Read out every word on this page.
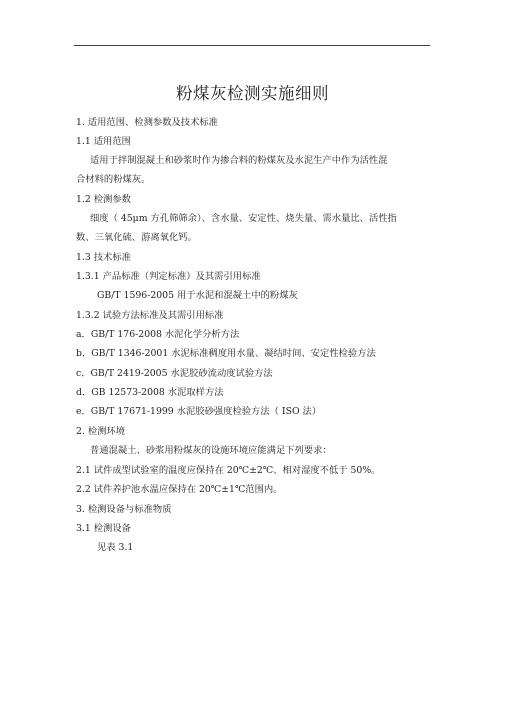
粉煤灰检测实施细则
1. 适用范围、检测参数及技术标准
1.1 适用范围
适用于拌制混凝土和砂浆时作为掺合料的粉煤灰及水泥生产中作为活性混
合材料的粉煤灰。
1.2 检测参数
细度（ 45μm 方孔筛筛余）、含水量、安定性、烧失量、需水量比、活性指
数、三氧化硫、游离氧化钙。
1.3 技术标准
1.3.1 产品标准（判定标准）及其需引用标准
GB/T 1596-2005 用于水泥和混凝土中的粉煤灰
1.3.2 试验方法标准及其需引用标准
a．GB/T 176-2008 水泥化学分析方法
b．GB/T 1346-2001 水泥标准稠度用水量、凝结时间、安定性检验方法
c．GB/T 2419-2005 水泥胶砂流动度试验方法
d．GB 12573-2008 水泥取样方法
e．GB/T 17671-1999 水泥胶砂强度检验方法（ ISO 法）
2. 检测环境
普通混凝土、砂浆用粉煤灰的设施环境应能满足下列要求：
2.1 试件成型试验室的温度应保持在 20℃±2℃、相对湿度不低于 50%。
2.2 试件养护池水温应保持在 20℃±1℃范围内。
3. 检测设备与标准物质
3.1 检测设备
见表 3.1
